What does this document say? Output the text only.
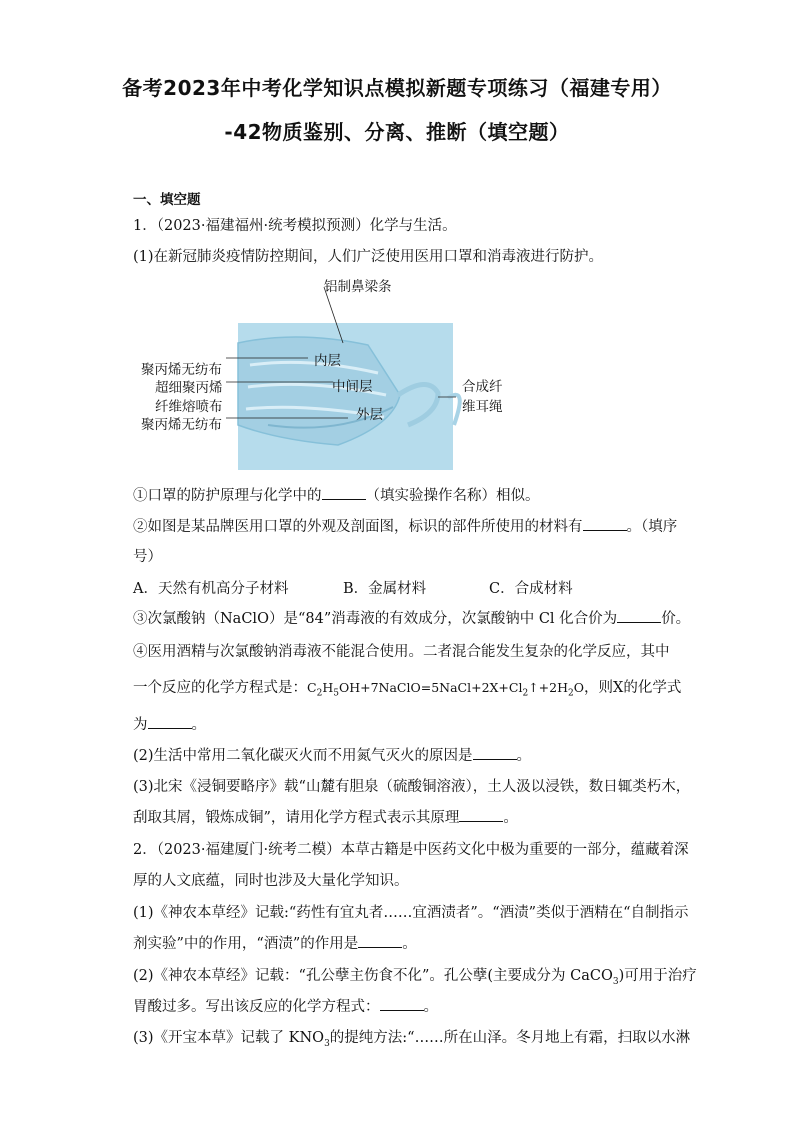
备考2023年中考化学知识点模拟新题专项练习（福建专用）
-42物质鉴别、分离、推断（填空题）
一、填空题
1．（2023·福建福州·统考模拟预测）化学与生活。
(1)在新冠肺炎疫情防控期间，人们广泛使用医用口罩和消毒液进行防护。
铝制鼻梁条
聚丙烯无纺布
超细聚丙烯
纤维熔喷布
聚丙烯无纺布
内层
中间层
外层
合成纤
维耳绳
①口罩的防护原理与化学中的	（填实验操作名称）相似。
②如图是某品牌医用口罩的外观及剖面图，标识的部件所使用的材料有	。（填序
号）
A．天然有机高分子材料	B．金属材料	C．合成材料
③次氯酸钠（NaClO）是“84”消毒液的有效成分，次氯酸钠中 Cl 化合价为	价。
④医用酒精与次氯酸钠消毒液不能混合使用。二者混合能发生复杂的化学反应，其中
一个反应的化学方程式是：$C_2H_5OH+7NaClO=5NaCl+2X+Cl_2↑+2H_2O$，则X的化学式
为	。
(2)生活中常用二氧化碳灭火而不用氮气灭火的原因是	。
(3)北宋《浸铜要略序》载“山麓有胆泉（硫酸铜溶液），土人汲以浸铁，数日辄类朽木，
刮取其屑，锻炼成铜”，请用化学方程式表示其原理	。
2．（2023·福建厦门·统考二模）本草古籍是中医药文化中极为重要的一部分，蕴藏着深
厚的人文底蕴，同时也涉及大量化学知识。
(1)《神农本草经》记载:“药性有宜丸者……宜酒渍者”。“酒渍”类似于酒精在“自制指示
剂实验”中的作用，“酒渍”的作用是	。
(2)《神农本草经》记载：“孔公孽主伤食不化”。孔公孽(主要成分为 CaCO$_3$)可用于治疗
胃酸过多。写出该反应的化学方程式：	。
(3)《开宝本草》记载了 $KNO_3$的提纯方法:“……所在山泽。冬月地上有霜，扫取以水淋
